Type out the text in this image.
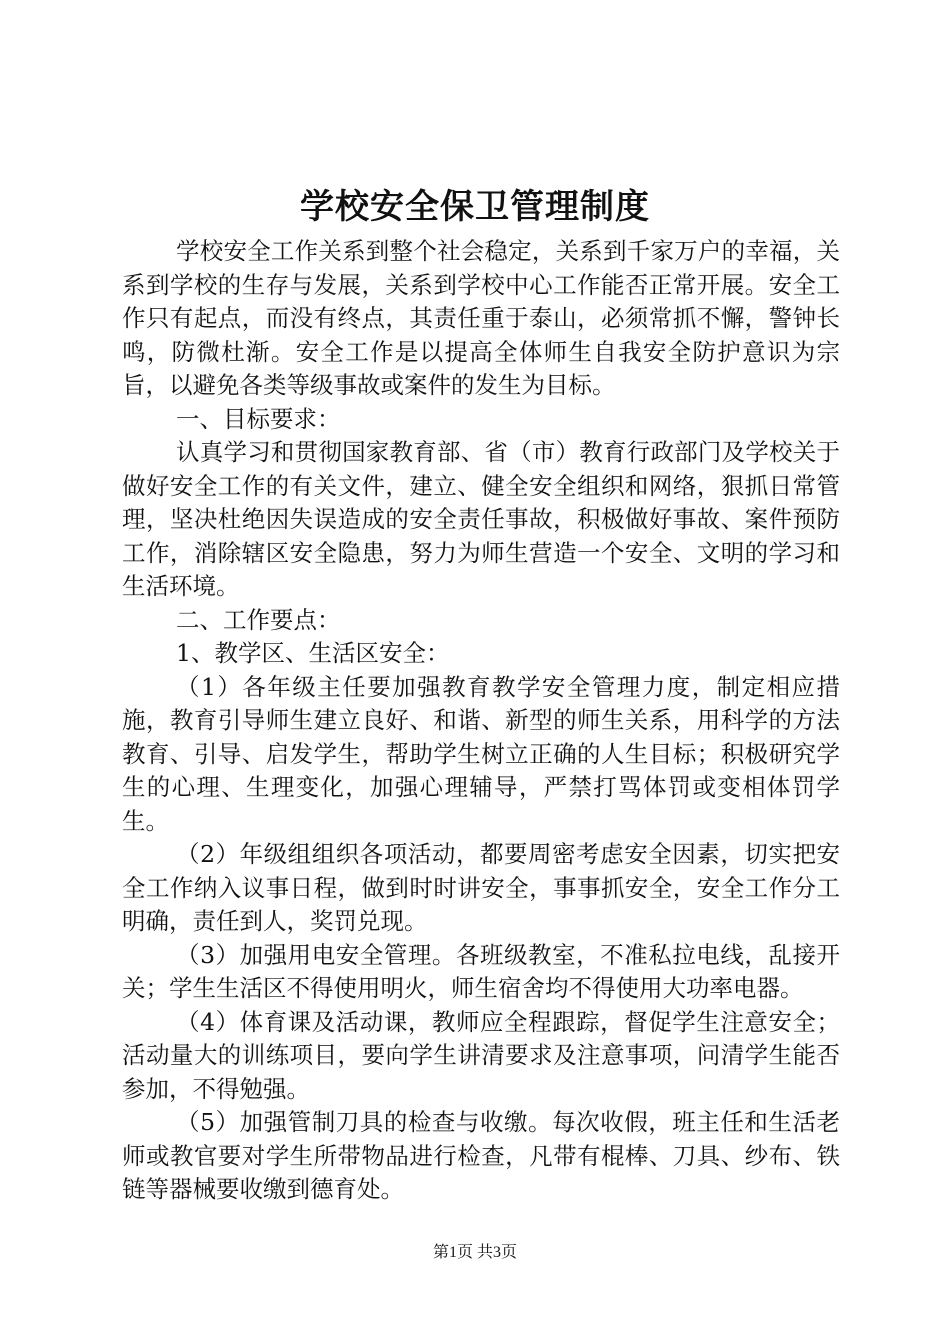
学校安全保卫管理制度

学校安全工作关系到整个社会稳定，关系到千家万户的幸福，关系到学校的生存与发展，关系到学校中心工作能否正常开展。安全工作只有起点，而没有终点，其责任重于泰山，必须常抓不懈，警钟长鸣，防微杜渐。安全工作是以提高全体师生自我安全防护意识为宗旨，以避免各类等级事故或案件的发生为目标。

一、目标要求：

认真学习和贯彻国家教育部、省（市）教育行政部门及学校关于做好安全工作的有关文件，建立、健全安全组织和网络，狠抓日常管理，坚决杜绝因失误造成的安全责任事故，积极做好事故、案件预防工作，消除辖区安全隐患，努力为师生营造一个安全、文明的学习和生活环境。

二、工作要点：

1、教学区、生活区安全：

（1）各年级主任要加强教育教学安全管理力度，制定相应措施，教育引导师生建立良好、和谐、新型的师生关系，用科学的方法教育、引导、启发学生，帮助学生树立正确的人生目标；积极研究学生的心理、生理变化，加强心理辅导，严禁打骂体罚或变相体罚学生。

（2）年级组组织各项活动，都要周密考虑安全因素，切实把安全工作纳入议事日程，做到时时讲安全，事事抓安全，安全工作分工明确，责任到人，奖罚兑现。

（3）加强用电安全管理。各班级教室，不准私拉电线，乱接开关；学生生活区不得使用明火，师生宿舍均不得使用大功率电器。

（4）体育课及活动课，教师应全程跟踪，督促学生注意安全；活动量大的训练项目，要向学生讲清要求及注意事项，问清学生能否参加，不得勉强。

（5）加强管制刀具的检查与收缴。每次收假，班主任和生活老师或教官要对学生所带物品进行检查，凡带有棍棒、刀具、纱布、铁链等器械要收缴到德育处。

第1页 共3页
